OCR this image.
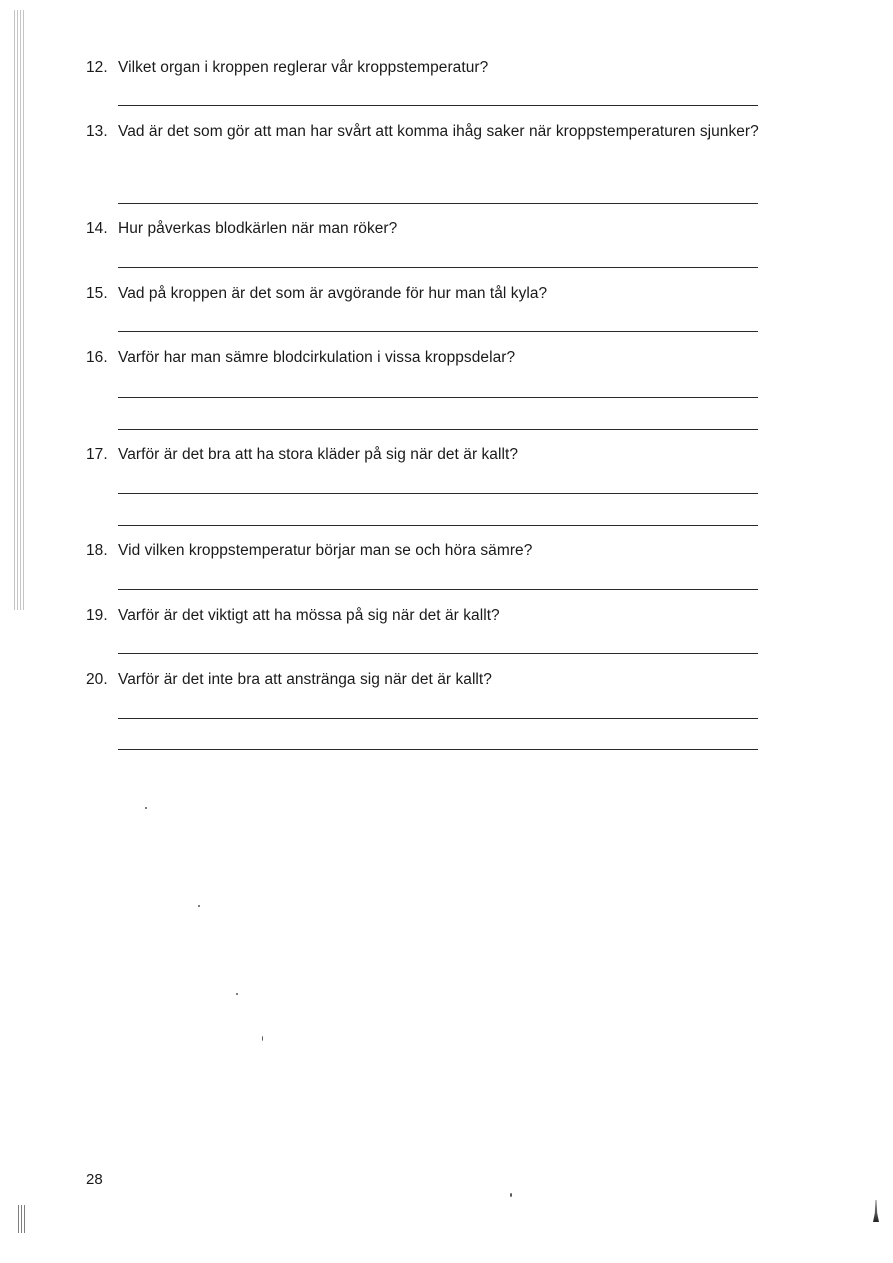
12. Vilket organ i kroppen reglerar vår kroppstemperatur?
13. Vad är det som gör att man har svårt att komma ihåg saker när kroppstemperaturen sjunker?
14. Hur påverkas blodkärlen när man röker?
15. Vad på kroppen är det som är avgörande för hur man tål kyla?
16. Varför har man sämre blodcirkulation i vissa kroppsdelar?
17. Varför är det bra att ha stora kläder på sig när det är kallt?
18. Vid vilken kroppstemperatur börjar man se och höra sämre?
19. Varför är det viktigt att ha mössa på sig när det är kallt?
20. Varför är det inte bra att anstränga sig när det är kallt?
28
